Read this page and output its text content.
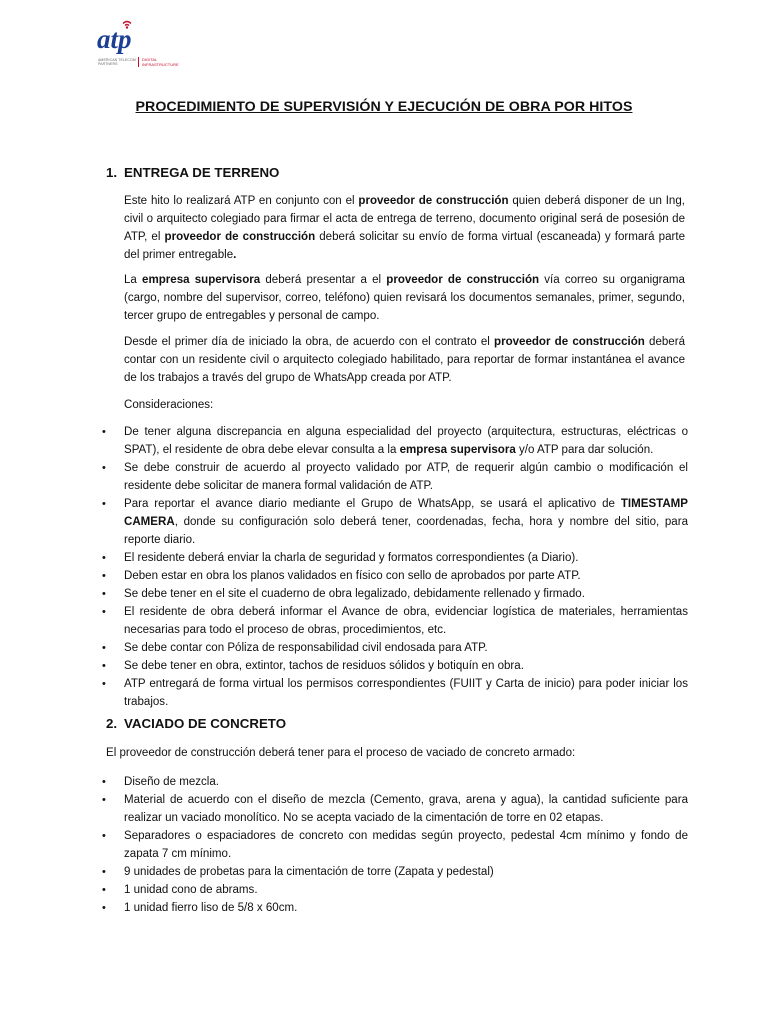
atp
AMERICAN TELECOM PARTNERS
DIGITAL INFRASTRUCTURE
PROCEDIMIENTO DE SUPERVISIÓN Y EJECUCIÓN DE OBRA POR HITOS
1. ENTREGA DE TERRENO

Este hito lo realizará ATP en conjunto con el proveedor de construcción quien deberá disponer de un Ing, civil o arquitecto colegiado para firmar el acta de entrega de terreno, documento original será de posesión de ATP, el proveedor de construcción deberá solicitar su envío de forma virtual (escaneada) y formará parte del primer entregable.

La empresa supervisora deberá presentar a el proveedor de construcción vía correo su organigrama (cargo, nombre del supervisor, correo, teléfono) quien revisará los documentos semanales, primer, segundo, tercer grupo de entregables y personal de campo.

Desde el primer día de iniciado la obra, de acuerdo con el contrato el proveedor de construcción deberá contar con un residente civil o arquitecto colegiado habilitado, para reportar de formar instantánea el avance de los trabajos a través del grupo de WhatsApp creada por ATP.

Consideraciones:

• De tener alguna discrepancia en alguna especialidad del proyecto (arquitectura, estructuras, eléctricas o SPAT), el residente de obra debe elevar consulta a la empresa supervisora y/o ATP para dar solución.
• Se debe construir de acuerdo al proyecto validado por ATP, de requerir algún cambio o modificación el residente debe solicitar de manera formal validación de ATP.
• Para reportar el avance diario mediante el Grupo de WhatsApp, se usará el aplicativo de TIMESTAMP CAMERA, donde su configuración solo deberá tener, coordenadas, fecha, hora y nombre del sitio, para reporte diario.
• El residente deberá enviar la charla de seguridad y formatos correspondientes (a Diario).
• Deben estar en obra los planos validados en físico con sello de aprobados por parte ATP.
• Se debe tener en el site el cuaderno de obra legalizado, debidamente rellenado y firmado.
• El residente de obra deberá informar el Avance de obra, evidenciar logística de materiales, herramientas necesarias para todo el proceso de obras, procedimientos, etc.
• Se debe contar con Póliza de responsabilidad civil endosada para ATP.
• Se debe tener en obra, extintor, tachos de residuos sólidos y botiquín en obra.
• ATP entregará de forma virtual los permisos correspondientes (FUIIT y Carta de inicio) para poder iniciar los trabajos.
2. VACIADO DE CONCRETO

El proveedor de construcción deberá tener para el proceso de vaciado de concreto armado:

• Diseño de mezcla.
• Material de acuerdo con el diseño de mezcla (Cemento, grava, arena y agua), la cantidad suficiente para realizar un vaciado monolítico. No se acepta vaciado de la cimentación de torre en 02 etapas.
• Separadores o espaciadores de concreto con medidas según proyecto, pedestal 4cm mínimo y fondo de zapata 7 cm mínimo.
• 9 unidades de probetas para la cimentación de torre (Zapata y pedestal)
• 1 unidad cono de abrams.
• 1 unidad fierro liso de 5/8 x 60cm.
